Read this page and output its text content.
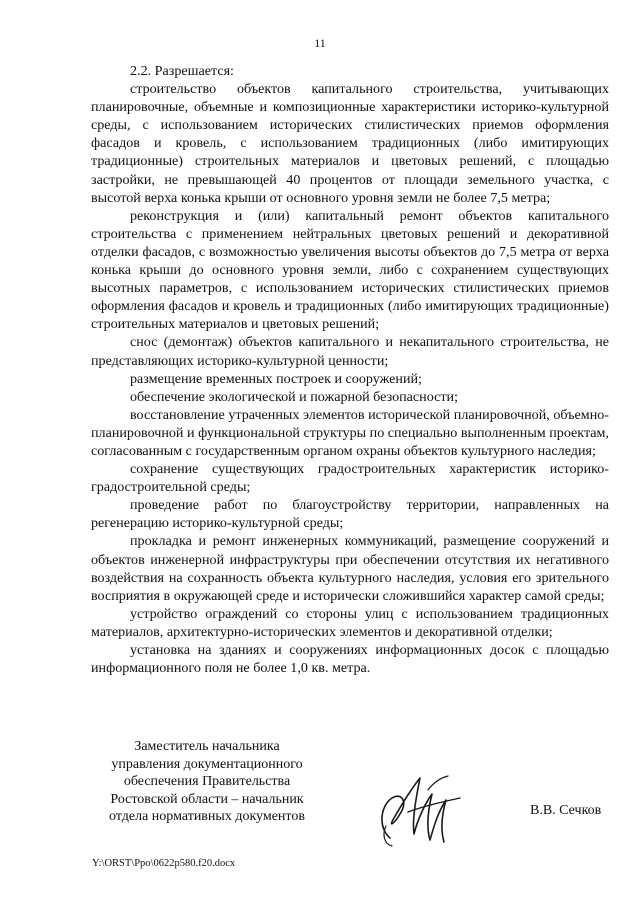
11

2.2. Разрешается:

строительство объектов капитального строительства, учитывающих планировочные, объемные и композиционные характеристики историко-культурной среды, с использованием исторических стилистических приемов оформления фасадов и кровель, с использованием традиционных (либо имитирующих традиционные) строительных материалов и цветовых решений, с площадью застройки, не превышающей 40 процентов от площади земельного участка, с высотой верха конька крыши от основного уровня земли не более 7,5 метра;

реконструкция и (или) капитальный ремонт объектов капитального строительства с применением нейтральных цветовых решений и декоративной отделки фасадов, с возможностью увеличения высоты объектов до 7,5 метра от верха конька крыши до основного уровня земли, либо с сохранением существующих высотных параметров, с использованием исторических стилистических приемов оформления фасадов и кровель и традиционных (либо имитирующих традиционные) строительных материалов и цветовых решений;

снос (демонтаж) объектов капитального и некапитального строительства, не представляющих историко-культурной ценности;

размещение временных построек и сооружений;

обеспечение экологической и пожарной безопасности;

восстановление утраченных элементов исторической планировочной, объемно-планировочной и функциональной структуры по специально выполненным проектам, согласованным с государственным органом охраны объектов культурного наследия;

сохранение существующих градостроительных характеристик историко-градостроительной среды;

проведение работ по благоустройству территории, направленных на регенерацию историко-культурной среды;

прокладка и ремонт инженерных коммуникаций, размещение сооружений и объектов инженерной инфраструктуры при обеспечении отсутствия их негативного воздействия на сохранность объекта культурного наследия, условия его зрительного восприятия в окружающей среде и исторически сложившийся характер самой среды;

устройство ограждений со стороны улиц с использованием традиционных материалов, архитектурно-исторических элементов и декоративной отделки;

установка на зданиях и сооружениях информационных досок с площадью информационного поля не более 1,0 кв. метра.

Заместитель начальника
управления документационного
обеспечения Правительства
Ростовской области – начальник
отдела нормативных документов	В.В. Сечков
Y:\ORST\Ppo\0622p580.f20.docx
